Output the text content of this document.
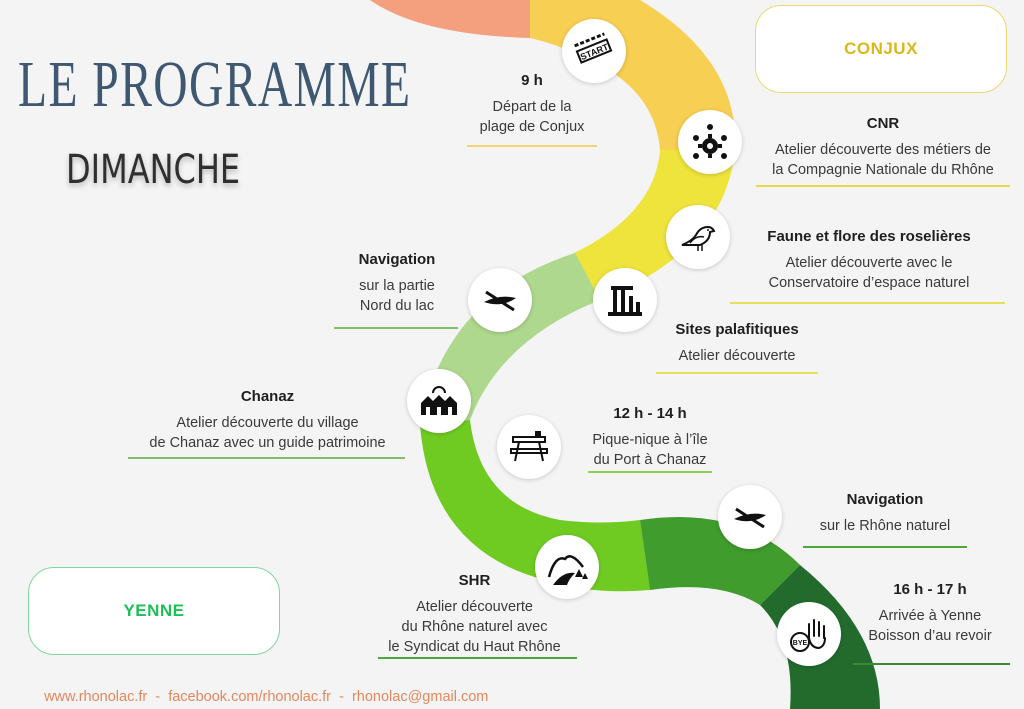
LE PROGRAMME
DIMANCHE
CONJUX
YENNE
9 h
Départ de la
plage de Conjux	CNR
Atelier découverte des métiers de
la Compagnie Nationale du Rhône
Faune et flore des roselières
Atelier découverte avec le
Conservatoire d’espace naturel
Sites palafitiques
Atelier découverte
Navigation
sur la partie
Nord du lac
Chanaz
Atelier découverte du village
de Chanaz avec un guide patrimoine
12 h - 14 h
Pique-nique à l’île
du Port à Chanaz
Navigation
sur le Rhône naturel
SHR
Atelier découverte
du Rhône naturel avec
le Syndicat du Haut Rhône
16 h - 17 h
Arrivée à Yenne
Boisson d’au revoir
START
BYE

www.rhonolac.fr - facebook.com/rhonolac.fr - rhonolac@gmail.com
